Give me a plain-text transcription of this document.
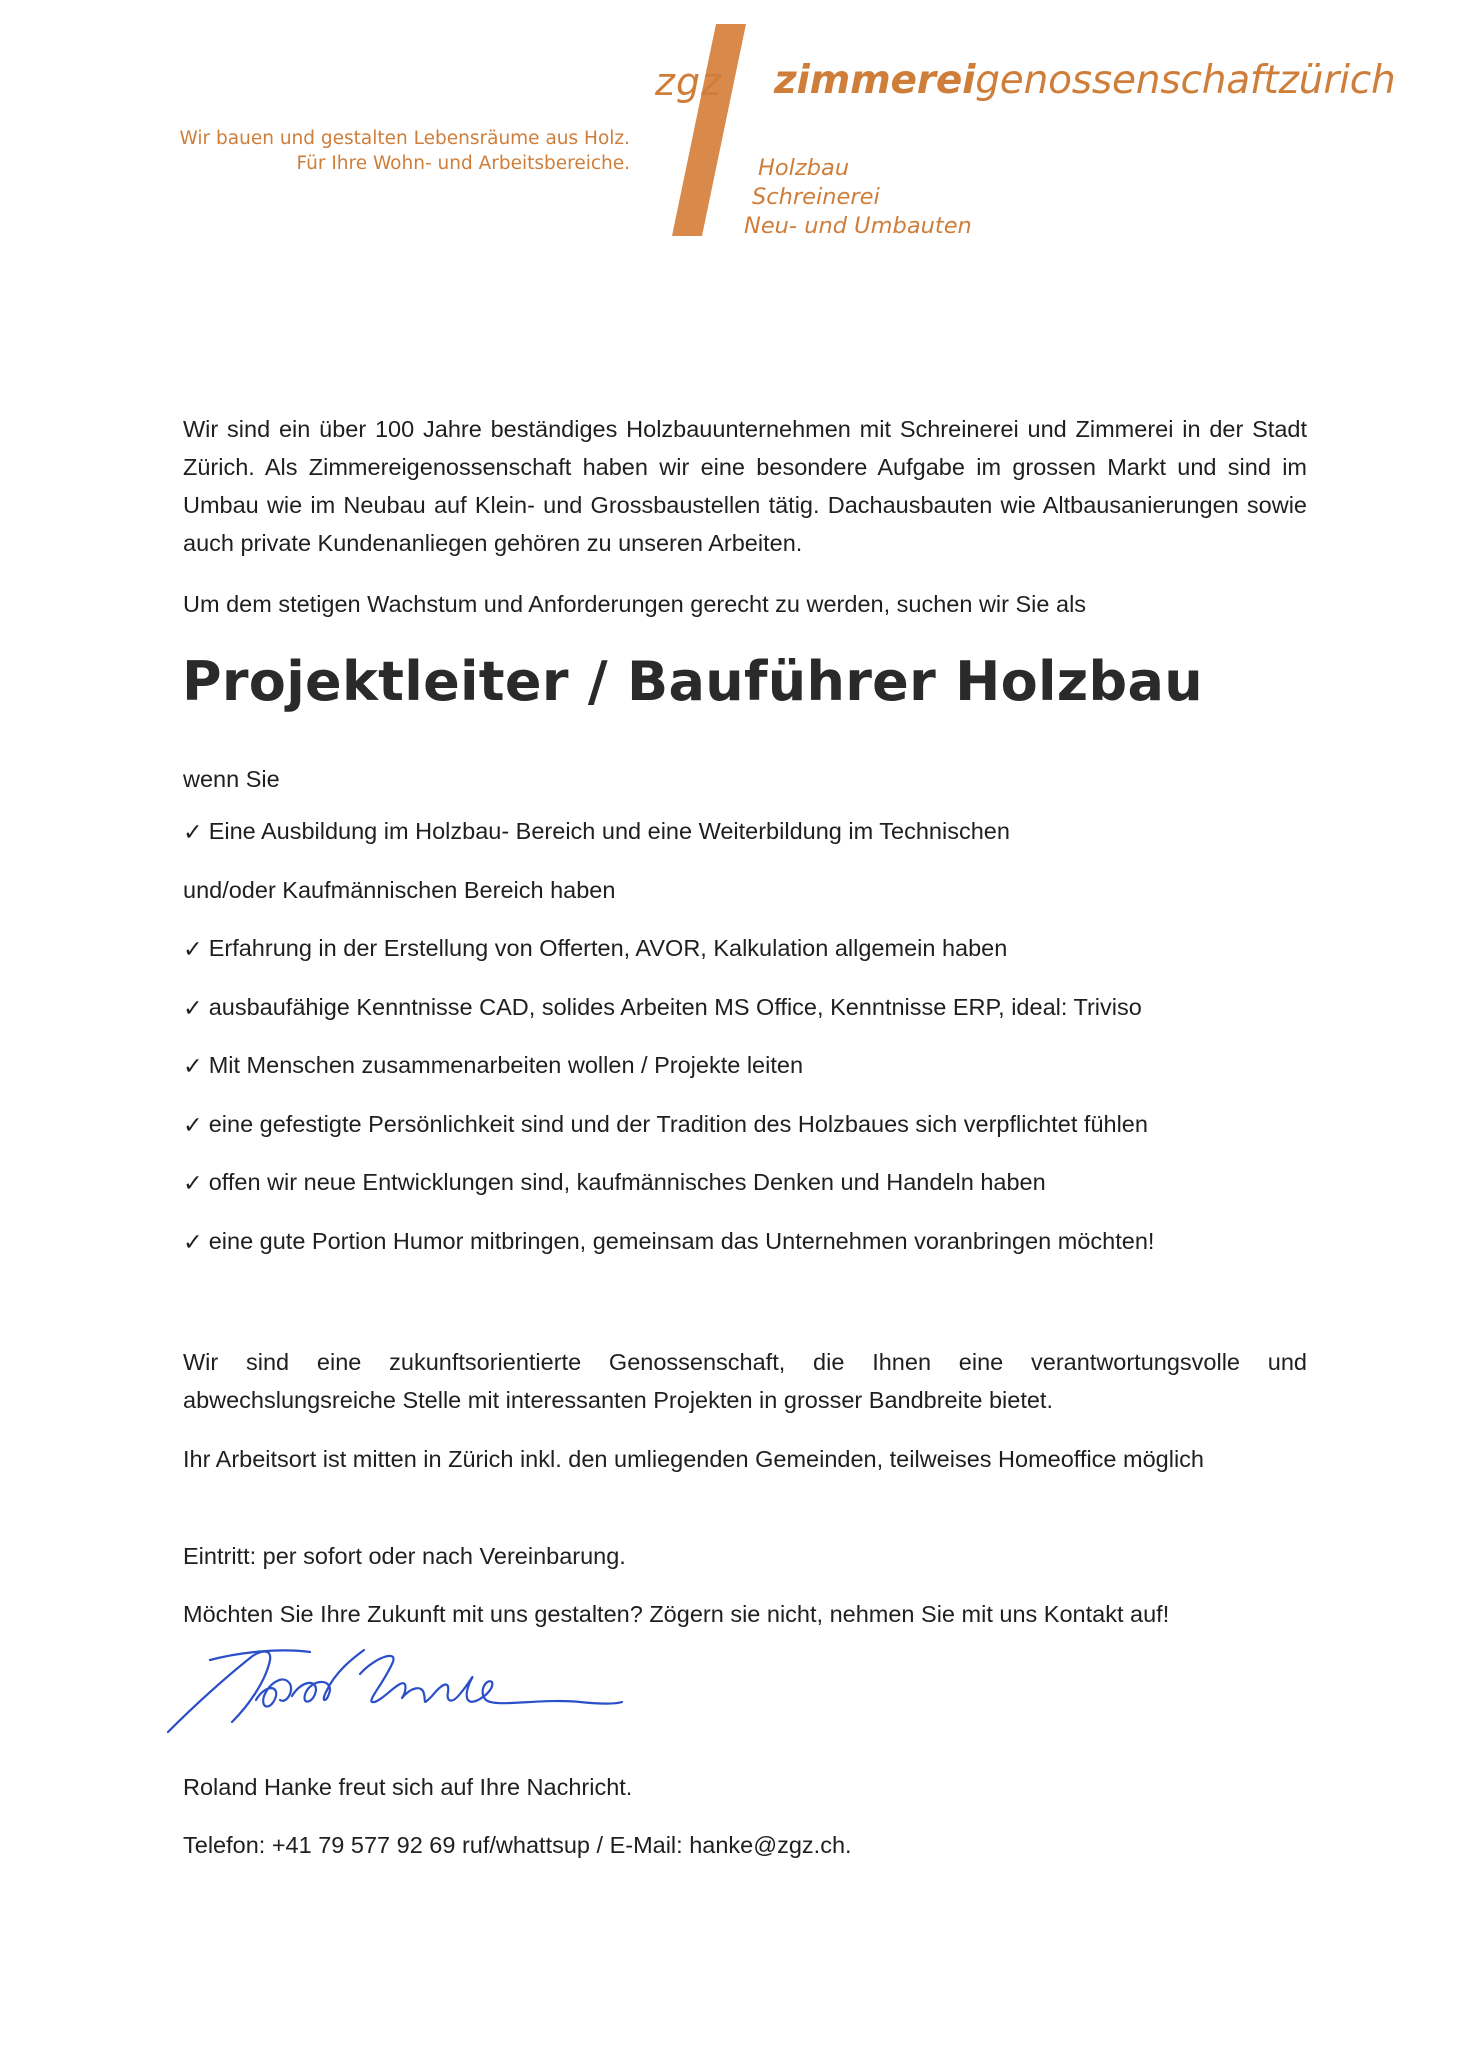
Wir bauen und gestalten Lebensräume aus Holz.
Für Ihre Wohn- und Arbeitsbereiche.
zgz zimmereigenossenschaftzürich
Holzbau
Schreinerei
Neu- und Umbauten
Wir sind ein über 100 Jahre beständiges Holzbauunternehmen mit Schreinerei und Zimmerei in der Stadt Zürich. Als Zimmereigenossenschaft haben wir eine besondere Aufgabe im grossen Markt und sind im Umbau wie im Neubau auf Klein- und Grossbaustellen tätig. Dachausbauten wie Altbausanierungen sowie auch private Kundenanliegen gehören zu unseren Arbeiten.
Um dem stetigen Wachstum und Anforderungen gerecht zu werden, suchen wir Sie als
Projektleiter / Bauführer Holzbau
wenn Sie
✓ Eine Ausbildung im Holzbau- Bereich und eine Weiterbildung im Technischen
und/oder Kaufmännischen Bereich haben
✓ Erfahrung in der Erstellung von Offerten, AVOR, Kalkulation allgemein haben
✓ ausbaufähige Kenntnisse CAD, solides Arbeiten MS Office, Kenntnisse ERP, ideal: Triviso
✓ Mit Menschen zusammenarbeiten wollen / Projekte leiten
✓ eine gefestigte Persönlichkeit sind und der Tradition des Holzbaues sich verpflichtet fühlen
✓ offen wir neue Entwicklungen sind, kaufmännisches Denken und Handeln haben
✓ eine gute Portion Humor mitbringen, gemeinsam das Unternehmen voranbringen möchten!
Wir sind eine zukunftsorientierte Genossenschaft, die Ihnen eine verantwortungsvolle und abwechslungsreiche Stelle mit interessanten Projekten in grosser Bandbreite bietet.
Ihr Arbeitsort ist mitten in Zürich inkl. den umliegenden Gemeinden, teilweises Homeoffice möglich
Eintritt: per sofort oder nach Vereinbarung.
Möchten Sie Ihre Zukunft mit uns gestalten? Zögern sie nicht, nehmen Sie mit uns Kontakt auf!
Roland Hanke freut sich auf Ihre Nachricht.
Telefon: +41 79 577 92 69 ruf/whattsup / E-Mail: hanke@zgz.ch.
